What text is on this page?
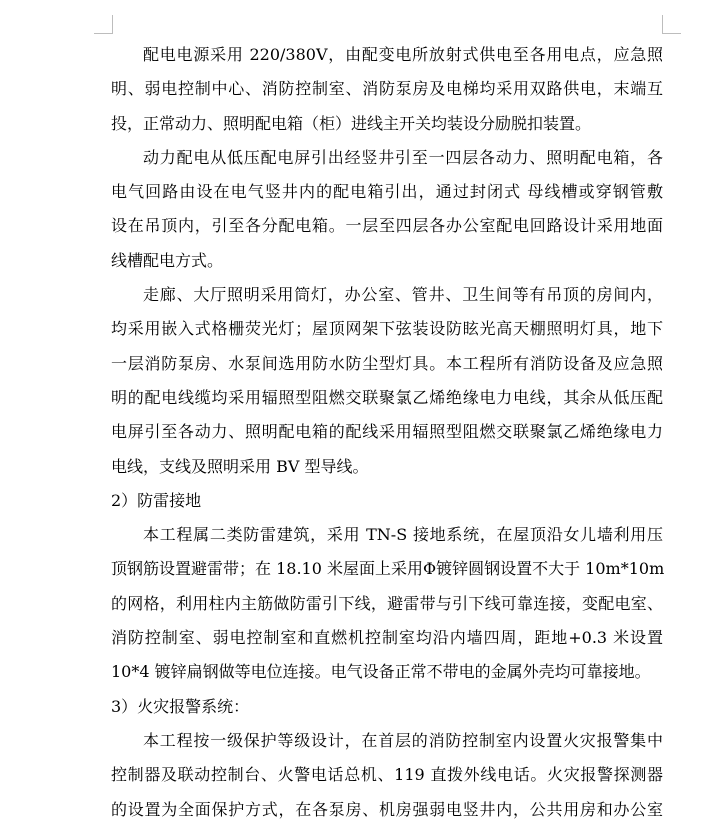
配电电源采用 220/380V，由配变电所放射式供电至各用电点，应急照
明、弱电控制中心、消防控制室、消防泵房及电梯均采用双路供电，末端互
投，正常动力、照明配电箱（柜）进线主开关均装设分励脱扣装置。
动力配电从低压配电屏引出经竖井引至一四层各动力、照明配电箱，各
电气回路由设在电气竖井内的配电箱引出，通过封闭式 母线槽或穿钢管敷
设在吊顶内，引至各分配电箱。一层至四层各办公室配电回路设计采用地面
线槽配电方式。
走廊、大厅照明采用筒灯，办公室、管井、卫生间等有吊顶的房间内，
均采用嵌入式格栅荧光灯；屋顶网架下弦装设防眩光高天棚照明灯具，地下
一层消防泵房、水泵间选用防水防尘型灯具。本工程所有消防设备及应急照
明的配电线缆均采用辐照型阻燃交联聚氯乙烯绝缘电力电线，其余从低压配
电屏引至各动力、照明配电箱的配线采用辐照型阻燃交联聚氯乙烯绝缘电力
电线，支线及照明采用 BV 型导线。
2）防雷接地
本工程属二类防雷建筑，采用 TN-S 接地系统，在屋顶沿女儿墙利用压
顶钢筋设置避雷带；在 18.10 米屋面上采用Φ镀锌圆钢设置不大于 10m*10m
的网格，利用柱内主筋做防雷引下线，避雷带与引下线可靠连接，变配电室、
消防控制室、弱电控制室和直燃机控制室均沿内墙四周，距地+0.3 米设置
10*4 镀锌扁钢做等电位连接。电气设备正常不带电的金属外壳均可靠接地。
3）火灾报警系统：
本工程按一级保护等级设计，在首层的消防控制室内设置火灾报警集中
控制器及联动控制台、火警电话总机、119 直拨外线电话。火灾报警探测器
的设置为全面保护方式，在各泵房、机房强弱电竖井内，公共用房和办公室
